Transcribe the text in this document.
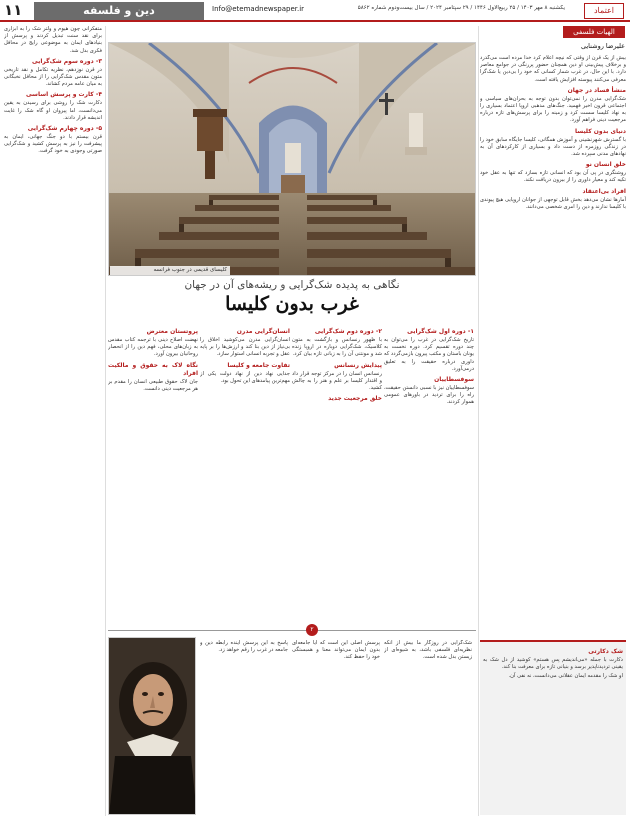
۱۱	دین و فلسفه	Info@etemadnewspaper.ir	یکشنبه ۸ مهر ۱۴۰۳ / ۲۵ ربیع‌الاول ۱۴۴۶ / ۲۹ سپتامبر ۲۰۲۴ / سال بیست‌ودوم شماره ۵۸۶۲	اعتماد
الهیات فلسفی
علیرضا روشنایی

بیش از یک قرن از وقتی که نیچه اعلام کرد خدا مرده است می‌گذرد و برخلاف پیش‌بینی او دین همچنان حضور پررنگی در جوامع معاصر دارد. با این حال، در غرب شمار کسانی که خود را بی‌دین یا شک‌گرا معرفی می‌کنند پیوسته افزایش یافته است.

منشأ فساد در جهان

شک‌گرایی مدرن را نمی‌توان بدون توجه به بحران‌های سیاسی و اجتماعی قرون اخیر فهمید. جنگ‌های مذهبی اروپا اعتماد بسیاری را به نهاد کلیسا سست کرد و زمینه را برای پرسش‌های تازه درباره مرجعیت دینی فراهم آورد.

دنیای بدون کلیسا

با گسترش شهرنشینی و آموزش همگانی، کلیسا جایگاه سابق خود را در زندگی روزمره از دست داد و بسیاری از کارکردهای آن به نهادهای مدنی سپرده شد.

خلق انسان نو

روشنگری در پی آن بود که انسانی تازه بسازد که تنها به عقل خود تکیه کند و معیار داوری را از بیرون دریافت نکند.

افراد بی‌اعتقاد

آمارها نشان می‌دهد بخش قابل توجهی از جوانان اروپایی هیچ پیوندی با کلیسا ندارند و دین را امری شخصی می‌دانند.

متفکرانی چون هیوم و ولتر شک را به ابزاری برای نقد سنت تبدیل کردند و پرسش از بنیادهای ایمان به موضوعی رایج در محافل فکری بدل شد.

۳- دوره سوم شک‌گرایی

در قرن نوزدهم، نظریه تکامل و نقد تاریخی متون مقدس شک‌گرایی را از محافل نخبگانی به میان عامه مردم کشاند.

۴- کارت و پرسش اساسی

دکارت شک را روشی برای رسیدن به یقین می‌دانست، اما پیروان او گاه شک را غایت اندیشه قرار دادند.

۵- دوره چهارم شک‌گرایی

قرن بیستم با دو جنگ جهانی، ایمان به پیشرفت را نیز به پرسش کشید و شک‌گرایی صورتی وجودی به خود گرفت.

کلیسای قدیمی در جنوب فرانسه
نگاهی به پدیده شک‌گرایی و ریشه‌های آن در جهان
غرب بدون کلیسا
۱- دوره اول شک‌گرایی

تاریخ شک‌گرایی در غرب را می‌توان به چند دوره تقسیم کرد. دوره نخست به یونان باستان و مکتب پیرون بازمی‌گردد که داوری درباره حقیقت را به تعلیق درمی‌آورد.

سوفسطاییان

سوفسطاییان نیز با نسبی دانستن حقیقت، راه را برای تردید در باورهای عمومی هموار کردند.

۲- دوره دوم شک‌گرایی

با ظهور رنسانس و بازگشت به متون کلاسیک، شک‌گرایی دوباره در اروپا زنده شد و مونتنی آن را به زبانی تازه بیان کرد.

پیدایش رنسانس

رنسانس انسان را در مرکز توجه قرار داد و اقتدار کلیسا بر علم و هنر را به چالش کشید.

خلق مرجعیت جدید
انسان‌گرایی مدرن

انسان‌گرایی مدرن می‌کوشید اخلاق را بی‌نیاز از دین بنا کند و ارزش‌ها را بر پایه عقل و تجربه انسانی استوار سازد.

تفاوت جامعه و کلیسا

جدایی نهاد دین از نهاد دولت یکی از مهم‌ترین پیامدهای این تحول بود.

پروتستان معترض

نهضت اصلاح دینی با ترجمه کتاب مقدس به زبان‌های محلی، فهم دین را از انحصار روحانیان بیرون آورد.

نگاه لاک به حقوق و مالکیت افراد

جان لاک حقوق طبیعی انسان را مقدم بر هر مرجعیت دینی دانست.

۲

شک‌گرایی در روزگار ما بیش از آنکه نظریه‌ای فلسفی باشد، به شیوه‌ای از زیستن بدل شده است.

پرسش اصلی این است که آیا جامعه‌ای بدون ایمان می‌تواند معنا و همبستگی خود را حفظ کند.

پاسخ به این پرسش آینده رابطه دین و جامعه در غرب را رقم خواهد زد.	شک دکارتی

دکارت با جمله «می‌اندیشم پس هستم» کوشید از دل شک به یقینی تردیدناپذیر برسد و بنیانی تازه برای معرفت بنا کند.

او شک را مقدمه ایمان عقلانی می‌دانست، نه نفی آن.
